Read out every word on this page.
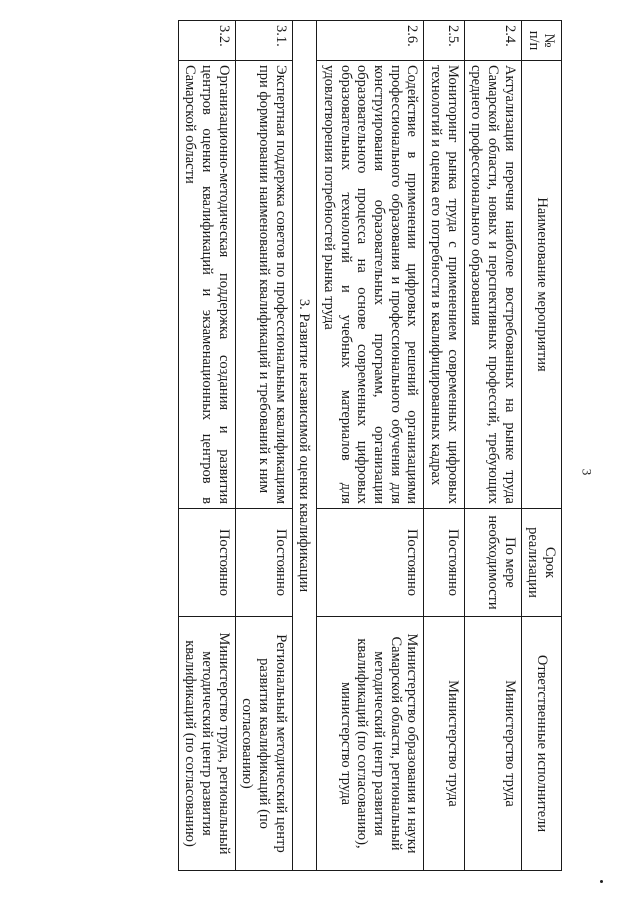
3
№
п/п	Наименование мероприятия	Срок реализации	Ответственные исполнители
2.4.	Актуализация перечня наиболее востребованных на рынке труда Самарской области, новых и перспективных профессий, требующих среднего профессионального образования	По мере необходимости	Министерство труда
2.5.	Мониторинг рынка труда с применением современных цифровых технологий и оценка его потребности в квалифицированных кадрах	Постоянно	Министерство труда
2.6.	Содействие в применении цифровых решений организациями профессионального образования и профессионального обучения для конструирования образовательных программ, организации образовательного процесса на основе современных цифровых образовательных технологий и учебных материалов для удовлетворения потребностей рынка труда	Постоянно	Министерство образования и науки Самарской области, региональный методический центр развития квалификаций (по согласованию), министерство труда
3. Развитие независимой оценки квалификации			
3.1.	Экспертная поддержка советов по профессиональным квалификациям при формировании наименований квалификаций и требований к ним	Постоянно	Региональный методический центр развития квалификаций (по согласованию)
3.2.	Организационно-методическая поддержка создания и развития центров оценки квалификаций и экзаменационных центров в Самарской области	Постоянно	Министерство труда, региональный методический центр развития квалификаций (по согласованию)
